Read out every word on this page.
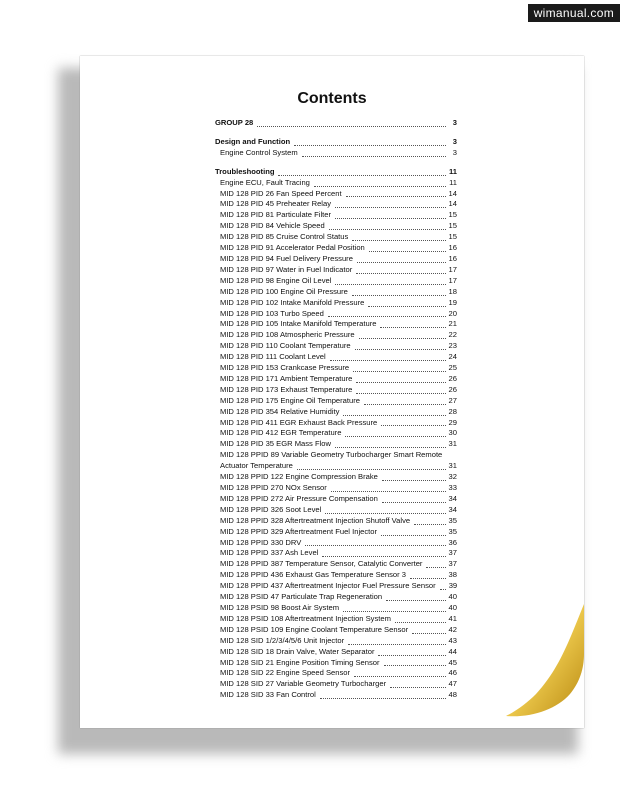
wimanual.com
Contents
GROUP 28	3
Design and Function	3
Engine Control System	3
Troubleshooting	11
Engine ECU, Fault Tracing	11
MID 128 PID 26 Fan Speed Percent	14
MID 128 PID 45 Preheater Relay	14
MID 128 PID 81 Particulate Filter	15
MID 128 PID 84 Vehicle Speed	15
MID 128 PID 85 Cruise Control Status	15
MID 128 PID 91 Accelerator Pedal Position	16
MID 128 PID 94 Fuel Delivery Pressure	16
MID 128 PID 97 Water in Fuel Indicator	17
MID 128 PID 98 Engine Oil Level	17
MID 128 PID 100 Engine Oil Pressure	18
MID 128 PID 102 Intake Manifold Pressure	19
MID 128 PID 103 Turbo Speed	20
MID 128 PID 105 Intake Manifold Temperature	21
MID 128 PID 108 Atmospheric Pressure	22
MID 128 PID 110 Coolant Temperature	23
MID 128 PID 111 Coolant Level	24
MID 128 PID 153 Crankcase Pressure	25
MID 128 PID 171 Ambient Temperature	26
MID 128 PID 173 Exhaust Temperature	26
MID 128 PID 175 Engine Oil Temperature	27
MID 128 PID 354 Relative Humidity	28
MID 128 PID 411 EGR Exhaust Back Pressure	29
MID 128 PID 412 EGR Temperature	30
MID 128 PID 35 EGR Mass Flow	31
MID 128 PPID 89 Variable Geometry Turbocharger Smart Remote
Actuator Temperature	31
MID 128 PPID 122 Engine Compression Brake	32
MID 128 PPID 270 NOx Sensor	33
MID 128 PPID 272 Air Pressure Compensation	34
MID 128 PPID 326 Soot Level	34
MID 128 PPID 328 Aftertreatment Injection Shutoff Valve	35
MID 128 PPID 329 Aftertreatment Fuel Injector	35
MID 128 PPID 330 DRV	36
MID 128 PPID 337 Ash Level	37
MID 128 PPID 387 Temperature Sensor, Catalytic Converter	37
MID 128 PPID 436 Exhaust Gas Temperature Sensor 3	38
MID 128 PPID 437 Aftertreatment Injector Fuel Pressure Sensor 39
MID 128 PSID 47 Particulate Trap Regeneration	40
MID 128 PSID 98 Boost Air System	40
MID 128 PSID 108 Aftertreatment Injection System	41
MID 128 PSID 109 Engine Coolant Temperature Sensor	42
MID 128 SID 1/2/3/4/5/6 Unit Injector	43
MID 128 SID 18 Drain Valve, Water Separator	44
MID 128 SID 21 Engine Position Timing Sensor	45
MID 128 SID 22 Engine Speed Sensor	46
MID 128 SID 27 Variable Geometry Turbocharger	47
MID 128 SID 33 Fan Control	48
